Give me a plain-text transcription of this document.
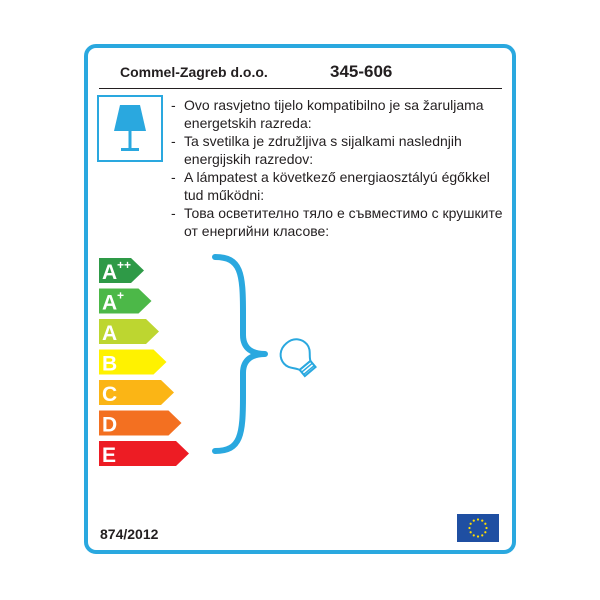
Commel-Zagreb d.o.o.	345-606
- Ovo rasvjetno tijelo kompatibilno je sa žaruljama
energetskih razreda:
- Ta svetilka je združljiva s sijalkami naslednjih
energijskih razredov:
- A lámpatest a következő energiaosztályú égőkkel
tud működni:
- Това осветително тяло е съвместимо с крушките
от енергийни класове:
A ++
A +
A
B
C
D
E
874/2012
